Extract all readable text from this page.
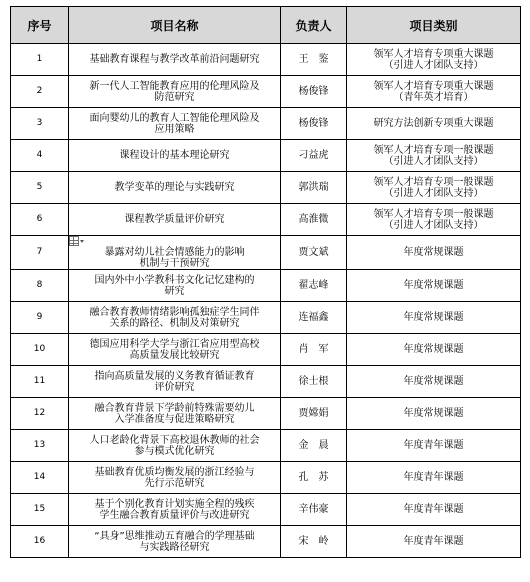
序号	项目名称	负责人	项目类别
1	基础教育课程与教学改革前沿问题研究	王　鉴	领军人才培育专项重大课题
（引进人才团队支持）

2	新一代人工智能教育应用的伦理风险及
防范研究	杨俊锋	领军人才培育专项重大课题
（青年英才培育）

3	面向婴幼儿的教育人工智能伦理风险及
应用策略	杨俊锋	研究方法创新专项重大课题

4	课程设计的基本理论研究	刁益虎	领军人才培育专项一般课题
（引进人才团队支持）

5	教学变革的理论与实践研究	郭洪瑞	领军人才培育专项一般课题
（引进人才团队支持）

6	课程教学质量评价研究	高淮微	领军人才培育专项一般课题
（引进人才团队支持）

7	暴露对幼儿社会情感能力的影响
机制与干预研究	贾文斌	年度常规课题

8	国内外中小学教科书文化记忆建构的
研究	翟志峰	年度常规课题

9	融合教育教师情绪影响孤独症学生同伴
关系的路径、机制及对策研究	连福鑫	年度常规课题

10	德国应用科学大学与浙江省应用型高校
高质量发展比较研究	肖　军	年度常规课题

11	指向高质量发展的义务教育循证教育
评价研究	徐士根	年度常规课题

12	融合教育背景下学龄前特殊需要幼儿
入学准备度与促进策略研究	贾嫦娟	年度常规课题

13	人口老龄化背景下高校退休教师的社会
参与模式优化研究	金　晨	年度青年课题

14	基础教育优质均衡发展的浙江经验与
先行示范研究	孔　苏	年度青年课题

15	基于个别化教育计划实施全程的残疾
学生融合教育质量评价与改进研究	辛伟豪	年度青年课题

16	“具身”思维推动五育融合的学理基础
与实践路径研究	宋　岭	年度青年课题
